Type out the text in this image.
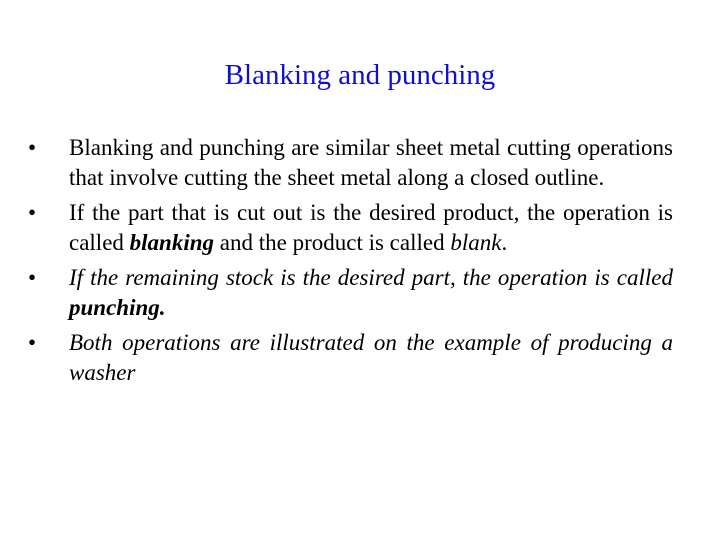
Blanking and punching
•	Blanking and punching are similar sheet metal cutting operations that involve cutting the sheet metal along a closed outline.
•	If the part that is cut out is the desired product, the operation is called blanking and the product is called blank.
•	If the remaining stock is the desired part, the operation is called punching.
•	Both operations are illustrated on the example of producing a washer
